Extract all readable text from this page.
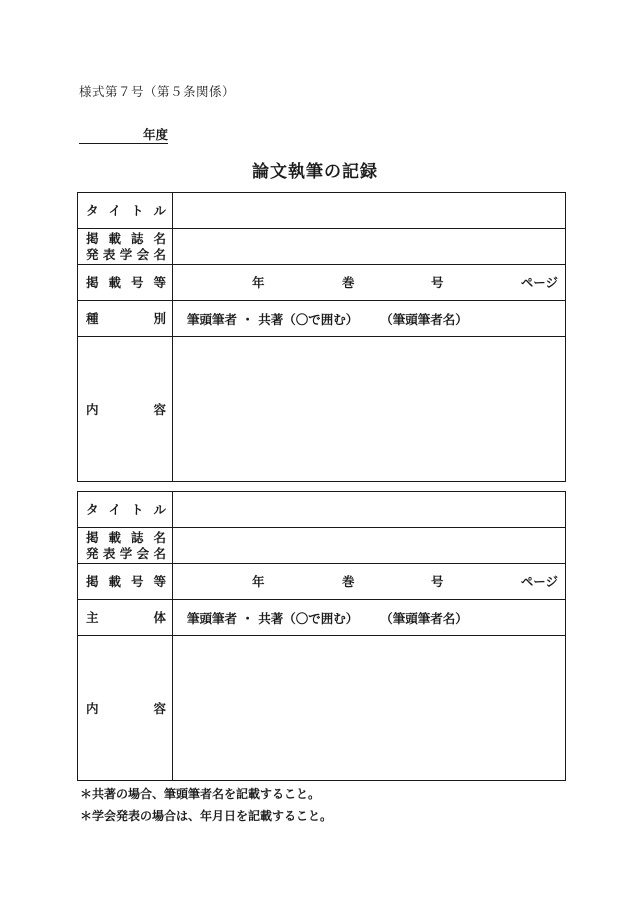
様式第７号（第５条関係）
年度
論文執筆の記録
タ イ ト ル
掲 載 誌 名
発表学会名
掲 載 号 等	年	巻	号	ページ
種　　　別 筆頭筆者 ・ 共著（〇で囲む） （筆頭筆者名）
内　　　容
タ イ ト ル
掲 載 誌 名
発表学会名
掲 載 号 等	年	巻	号	ページ
主　　　体 筆頭筆者 ・ 共著（〇で囲む） （筆頭筆者名）
内　　　容
＊共著の場合、筆頭筆者名を記載すること。
＊学会発表の場合は、年月日を記載すること。
